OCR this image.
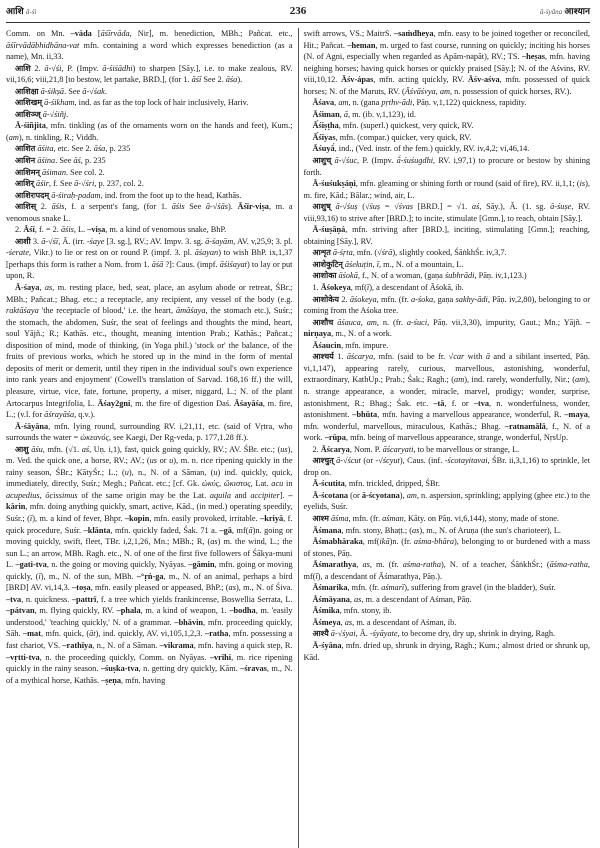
आशि ā-śi	236	ā-śyāna आश्यान

Comm. on Mn. –vāda [āśīrvāda, Nir], m. benediction, MBh.; Pañcat. etc., āśīrvādābhidhāna-vat mfn. containing a word which expresses benediction (as a name), Mn. ii,33.

आशि 2. ā-√śi, P. (Impv. ā-śiśādhi) to sharpen [Sāy.], i.e. to make zealous, RV. vii,16,6; viii,21,8 [to bestow, let partake, BRD.], (for 1. āśī See 2. āśa).

आशिक्षा ā-śikṣā. See ā-√śak.

आशिखम् ā-śikham, ind. as far as the top lock of hair inclusively, Hariv.

आशिञ्ज् ā-√śiñj.

Ā-śiñjita, mfn. tinkling (as of the ornaments worn on the hands and feet), Kum.; (am), n. tinkling, R.; Viddh.

आशित āśita, etc. See 2. āśa, p. 235

आशिन āśina. See āś, p. 235

आशिमन् āśiman. See col. 2.

आशिर् āśir, f. See ā-√śri, p. 237, col. 2.

आशिरःपदम् ā-śiraḥ-padam, ind. from the foot up to the head, Kathās.

आशिस् 2. āśis, f. a serpent's fang, (for 1. āśis See ā-√śās). Āśīr-viṣa, m. a venomous snake L.

2. Āśī, f. = 2. āśis, L. –viṣa, m. a kind of venomous snake, BhP.

आशी 3. ā-√śī, Ā. (irr. -śaye [3. sg.], RV.; AV. Impv. 3. sg. ā-śayām, AV. v,25,9; 3. pl. -śerate, Vikr.) to lie or rest on or round P. (impf. 3. pl. āśayan) to wish BhP. ix,1,37 [perhaps this form is rather a Nom. from 1. āśā ?]: Caus. (impf. āśiśayat) to lay or put upon, R.

Ā-śaya, as, m. resting place, bed, seat, place, an asylum abode or retreat, ŚBr.; MBh.; Pañcat.; Bhag. etc.; a receptacle, any recipient, any vessel of the body (e.g. raktāśaya 'the receptacle of blood,' i.e. the heart, āmāśaya, the stomach etc.), Suśr.; the stomach, the abdomen, Suśr, the seat of feelings and thoughts the mind, heart, soul Yājñ.; R.; Kathās. etc., thought, meaning intention Prab.; Kathās.; Pañcat.; disposition of mind, mode of thinking, (in Yoga phil.) 'stock or' the balance, of the fruits of previous works, which he stored up in the mind in the form of mental deposits of merit or demerit, until they ripen in the individual soul's own experience into rank years and enjoyment' (Cowell's translation of Sarvad. 168,16 ff.) the will, pleasure, virtue, vice, fate, fortune, property, a miser, niggard, L.; N. of the plant Artocarpus Integrifolia, L. Āśay2gni, m. the fire of digestion Daś. Āśayāśa, m. fire, L.; (v.l. for āśrayāśa, q.v.).

Ā-śāyāna, mfn. lying round, surrounding RV. i,21,11, etc. (said of Vṛtra, who surrounds the water = ὠκεανός, see Kaegi, Der Rg-veda, p. 177,1.28 ff.).

आशु āśu, mfn. (√1. aś, Uṇ. i,1), fast, quick going quickly, RV.; AV. ŚBr. etc.; (us), m. Ved. the quick one, a horse, RV.; AV.; (us or u), m. n. rice ripening quickly in the rainy season, ŚBr.; KātyŚr.; L.; (u), n., N. of a Sāman, (u) ind. quickly, quick, immediately, directly, Suśr.; Megh.; Pañcat. etc.; [cf. Gk. ὠκύς, ὤκιστος, Lat. acu in acupedius, ōcissimus of the same origin may be the Lat. aquila and accipiter]. –kārin, mfn. doing anything quickly, smart, active, Kād., (in med.) operating speedily, Suśr.; (ī), m. a kind of fever, Bhpr. –kopin, mfn. easily provoked, irritable. –kriyā, f. quick procedure, Suśr. –klānta, mfn. quickly faded, Śak. 71 a. –gā, mf(ā)n. going or moving quickly, swift, fleet, TBr. i,2,1,26, Mn.; MBh.; R, (as) m. the wind, L.; the sun L.; an arrow, MBh. Ragh. etc., N. of one of the first five followers of Śākya-muni L. –gati-tva, n. the going or moving quickly, Nyāyas. –gāmin, mfn. going or moving quickly, (ī), m., N. of the sun, MBh. –°ṛṅ-ga, m., N. of an animal, perhaps a bird [BRD] AV. vi,14,3. –toṣa, mfn. easily pleased or appeased, BhP.; (as), m., N. of Śiva. –tva, n. quickness. –pattrī, f. a tree which yields frankincense, Boswellia Serrata, L. –pátvan, m. flying quickly, RV. –phala, m. a kind of weapon, 1. –bodha, m. 'easily understood,' 'teaching quickly,' N. of a grammar. –bhāvin, mfn. proceeding quickly, Sāh. –mat, mfn. quick, (āt), ind. quickly, AV. vi,105,1,2,3. –ratha, mfn. possessing a fast chariot, VS. –rathīya, n., N. of a Sāman. –vikrama, mfn. having a quick step, R. –vṛtti-tva, n. the proceeding quickly, Comm. on Nyāyas. –vrīhi, m. rice ripening quickly in the rainy season. –śuṣka-tva, n. getting dry quickly, Kām. –śravas, m., N. of a mythical horse, Kathās. –ṣeṇa, mfn. having

swift arrows, VS.; MaitrS. –saṁdheya, mfn. easy to be joined together or reconciled, Hit.; Pañcat. –heman, m. urged to fast course, running on quickly; inciting his horses (N. of Agni, especially when regarded as Apām-napāt), RV.; TS. –heṣas, mfn. having neighing horses; having quick horses or quickly praised [Sāy.]; N. of the Aśvins, RV. viii,10,12. Āśv-ápas, mfn. acting quickly, RV. Āśv-aśva, mfn. possessed of quick horses; N. of the Maruts, RV. (Āśvāśvya, am, n. possession of quick horses, RV.).

Āśava, am, n. (gana pṛthv-ādi, Pāṇ. v,1,122) quickness, rapidity.

Āśiman, ā, m. (ib. v,1,123), id.

Ā́śiṣṭha, mfn. (superl.) quickest, very quick, RV.

Ā́śīyas, mfn. (compar.) quicker, very quick, RV.

Āśuyā́, ind., (Ved. instr. of the fem.) quickly, RV. iv,4,2; vi,46,14.

आशुच् ā-√śuc, P. (Impv. ā́-śuśugdhi, RV. i,97,1) to procure or bestow by shining forth.

Ā-śuśukṣáṇi, mfn. gleaming or shining forth or round (said of fire), RV. ii,1,1; (is), m. fire, Kād.; Bālar.; wind, air, L.

आशुष् ā-√śuṣ (√śuṣ = √śvas [BRD.] = √1. aś, Sāy.), Ā. (1. sg. ā-śuṣe, RV. viii,93,16) to strive after [BRD.]; to incite, stimulate [Gmn.], to reach, obtain [Sāy.].

Ā-śuṣāṇá, mfn. striving after [BRD.], inciting, stimulating [Gmn.]; reaching, obtaining [Sāy.], RV.

आशृत ā-śṛta, mfn. (√śrā), slightly cooked, ŚāṅkhŚr. iv,3,7.

आशेकुटिन् āśekuṭin, ī, m., N. of a mountain, L.

आशोका āśokā, f., N. of a woman, (gaṇa śubhrādi, Pāṇ. iv,1,123.)

1. Āśokeya, mf(ī), a descendant of Āśokā, ib.

आशोकेय 2. āśokeya, mfn. (fr. a-śoka, gaṇa sakhy-ādi, Pāṇ. iv,2,80), belonging to or coming from the Aśoka tree.

आशौच āśauca, am, n. (fr. a-śuci, Pāṇ. vii,3,30), impurity, Gaut.; Mn.; Yājñ. –nirṇaya, m., N. of a work.

Āśaucin, mfn. impure.

आश्चर्य 1. āścarya, mfn. (said to be fr. √car with ā and a sibilant inserted, Pāṇ. vi,1,147), appearing rarely, curious, marvellous, astonishing, wonderful, extraordinary, KathUp.; Prab.; Śak.; Ragh.; (am), ind. rarely, wonderfully, Nir.; (am), n. strange appearance, a wonder, miracle, marvel, prodigy; wonder, surprise, astonishment, R.; Bhag.; Śak. etc. –tā, f. or –tva, n. wonderfulness, wonder, astonishment. –bhūta, mfn. having a marvellous appearance, wonderful, R. –maya, mfn. wonderful, marvellous, miraculous, Kathās.; Bhag. –ratnamālā, f., N. of a work. –rūpa, mfn. being of marvellous appearance, strange, wonderful, NṛsUp.

2. Āścarya, Nom. P. āścaryati, to be marvellous or strange, L.

आश्चुत् ā-√ścut (or -√ścyut), Caus. (inf. -ścotayitavai, ŚBr. ii,3,1,16) to sprinkle, let drop on.

Ā-ścutita, mfn. trickled, dripped, ŚBr.

Ā-ścotana (or ā-ścyotana), am, n. aspersion, sprinkling; applying (ghee etc.) to the eyelids, Suśr.

आश्म āśma, mfn. (fr. aśman, Kāty. on Pāṇ. vi,6,144), stony, made of stone.

Āśmana, mfn. stony, Bhaṭṭ.; (as), m., N. of Aruṇa (the sun's charioteer), L.

Āśmabhāraka, mf(ikā)n. (fr. aśma-bhāra), belonging to or burdened with a mass of stones, Pāṇ.

Āśmarathya, as, m. (fr. aśma-ratha), N. of a teacher, ŚāṅkhŚr.; (āśma-ratha, mf(ī), a descendant of Āśmarathya, Pāṇ.).

Āśmarika, mfn. (fr. aśmarī), suffering from gravel (in the bladder), Suśr.

Āśmāyana, as, m. a descendant of Aśman, Pāṇ.

Āśmika, mfn. stony, ib.

Āśmeya, as, m. a descendant of Aśman, ib.

आश्यै ā-√śyai, Ā. -śyāyate, to become dry, dry up, shrink in drying, Ragh.

Ā-śyāna, mfn. dried up, shrunk in drying, Ragh.; Kum.; almost dried or shrunk up, Kād.
